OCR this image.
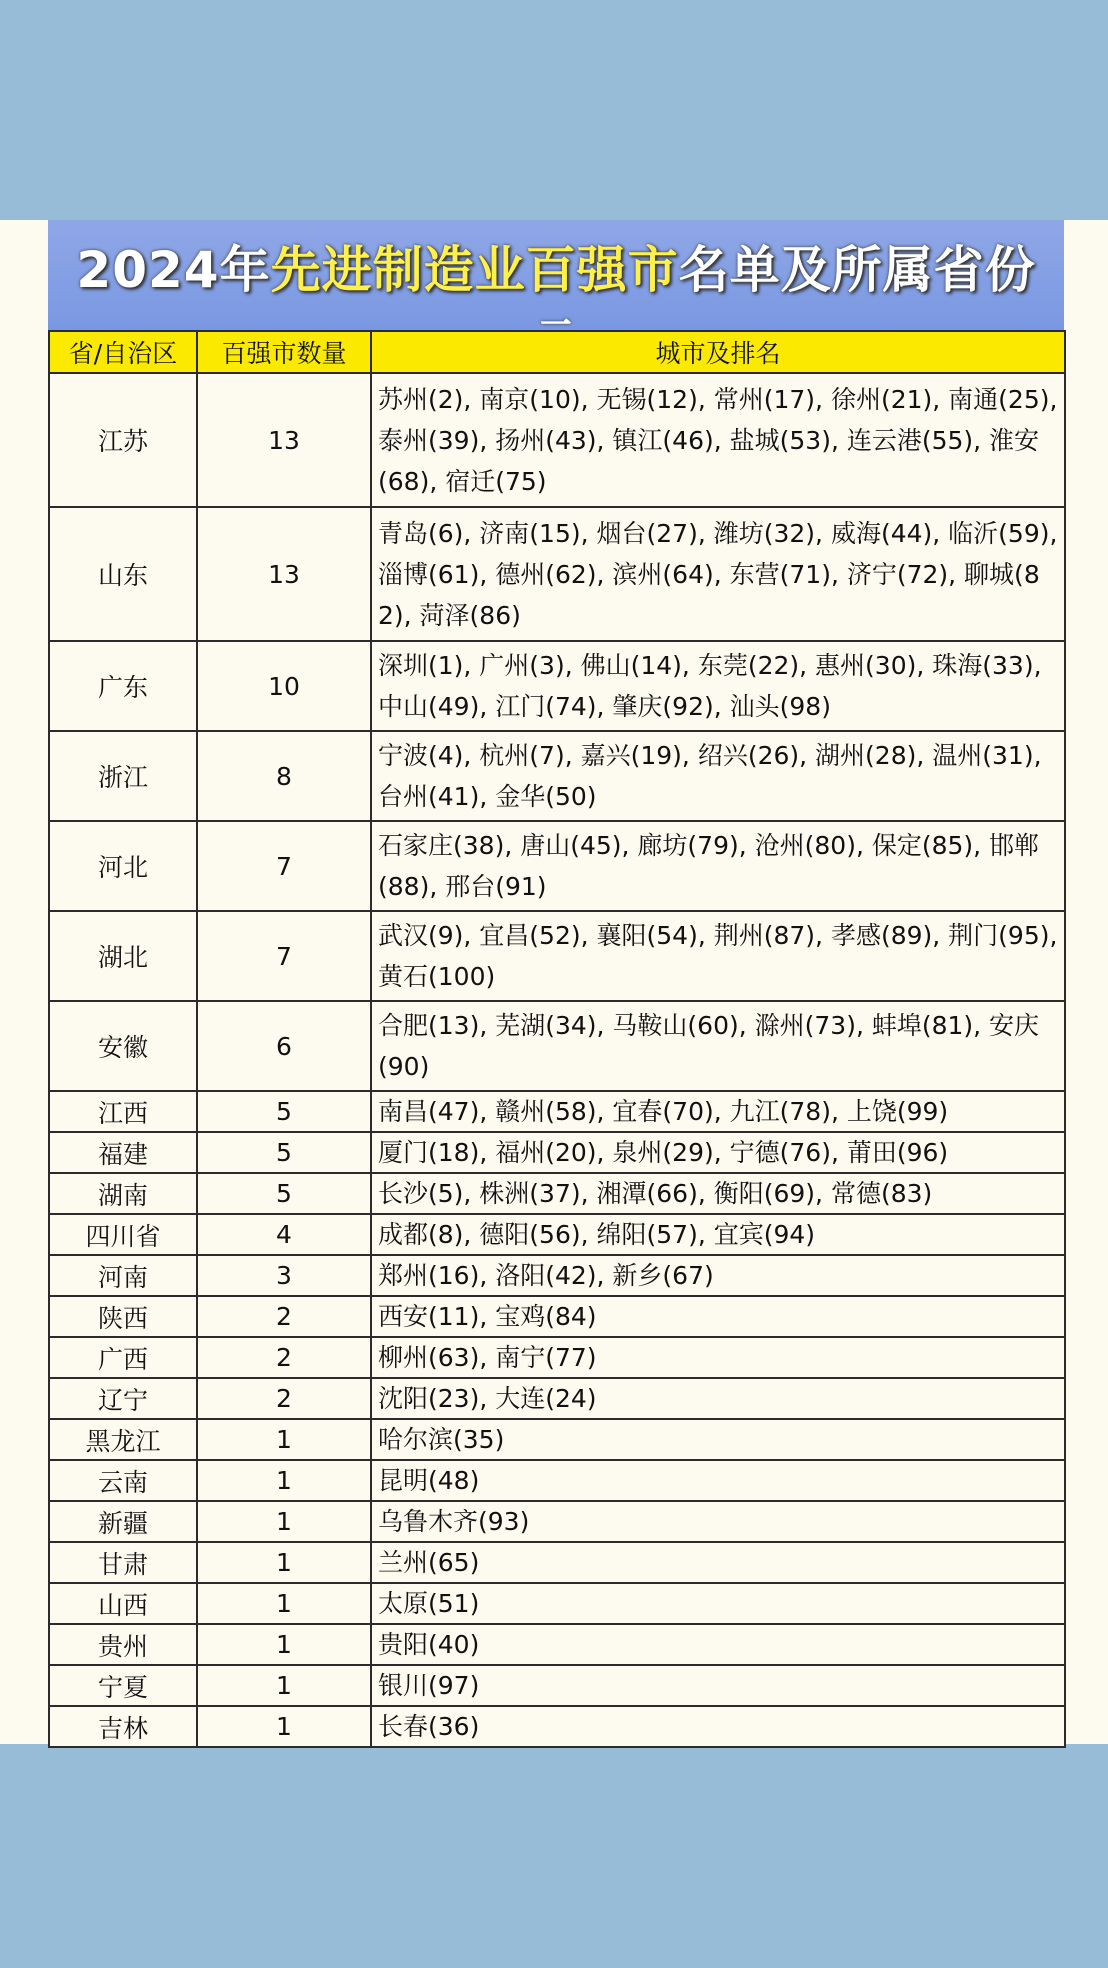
2024年先进制造业百强市名单及所属省份
省/自治区	百强市数量	城市及排名
江苏	13	苏州(2), 南京(10), 无锡(12), 常州(17), 徐州(21), 南通(25), 泰州(39), 扬州(43), 镇江(46), 盐城(53), 连云港(55), 淮安(68), 宿迁(75)
山东	13	青岛(6), 济南(15), 烟台(27), 潍坊(32), 威海(44), 临沂(59), 淄博(61), 德州(62), 滨州(64), 东营(71), 济宁(72), 聊城(82), 菏泽(86)
广东	10	深圳(1), 广州(3), 佛山(14), 东莞(22), 惠州(30), 珠海(33), 中山(49), 江门(74), 肇庆(92), 汕头(98)
浙江	8	宁波(4), 杭州(7), 嘉兴(19), 绍兴(26), 湖州(28), 温州(31), 台州(41), 金华(50)
河北	7	石家庄(38), 唐山(45), 廊坊(79), 沧州(80), 保定(85), 邯郸(88), 邢台(91)
湖北	7	武汉(9), 宜昌(52), 襄阳(54), 荆州(87), 孝感(89), 荆门(95), 黄石(100)
安徽	6	合肥(13), 芜湖(34), 马鞍山(60), 滁州(73), 蚌埠(81), 安庆(90)
江西	5	南昌(47), 赣州(58), 宜春(70), 九江(78), 上饶(99)
福建	5	厦门(18), 福州(20), 泉州(29), 宁德(76), 莆田(96)
湖南	5	长沙(5), 株洲(37), 湘潭(66), 衡阳(69), 常德(83)
四川省	4	成都(8), 德阳(56), 绵阳(57), 宜宾(94)
河南	3	郑州(16), 洛阳(42), 新乡(67)
陕西	2	西安(11), 宝鸡(84)
广西	2	柳州(63), 南宁(77)
辽宁	2	沈阳(23), 大连(24)
黑龙江	1	哈尔滨(35)
云南	1	昆明(48)
新疆	1	乌鲁木齐(93)
甘肃	1	兰州(65)
山西	1	太原(51)
贵州	1	贵阳(40)
宁夏	1	银川(97)
吉林	1	长春(36)
